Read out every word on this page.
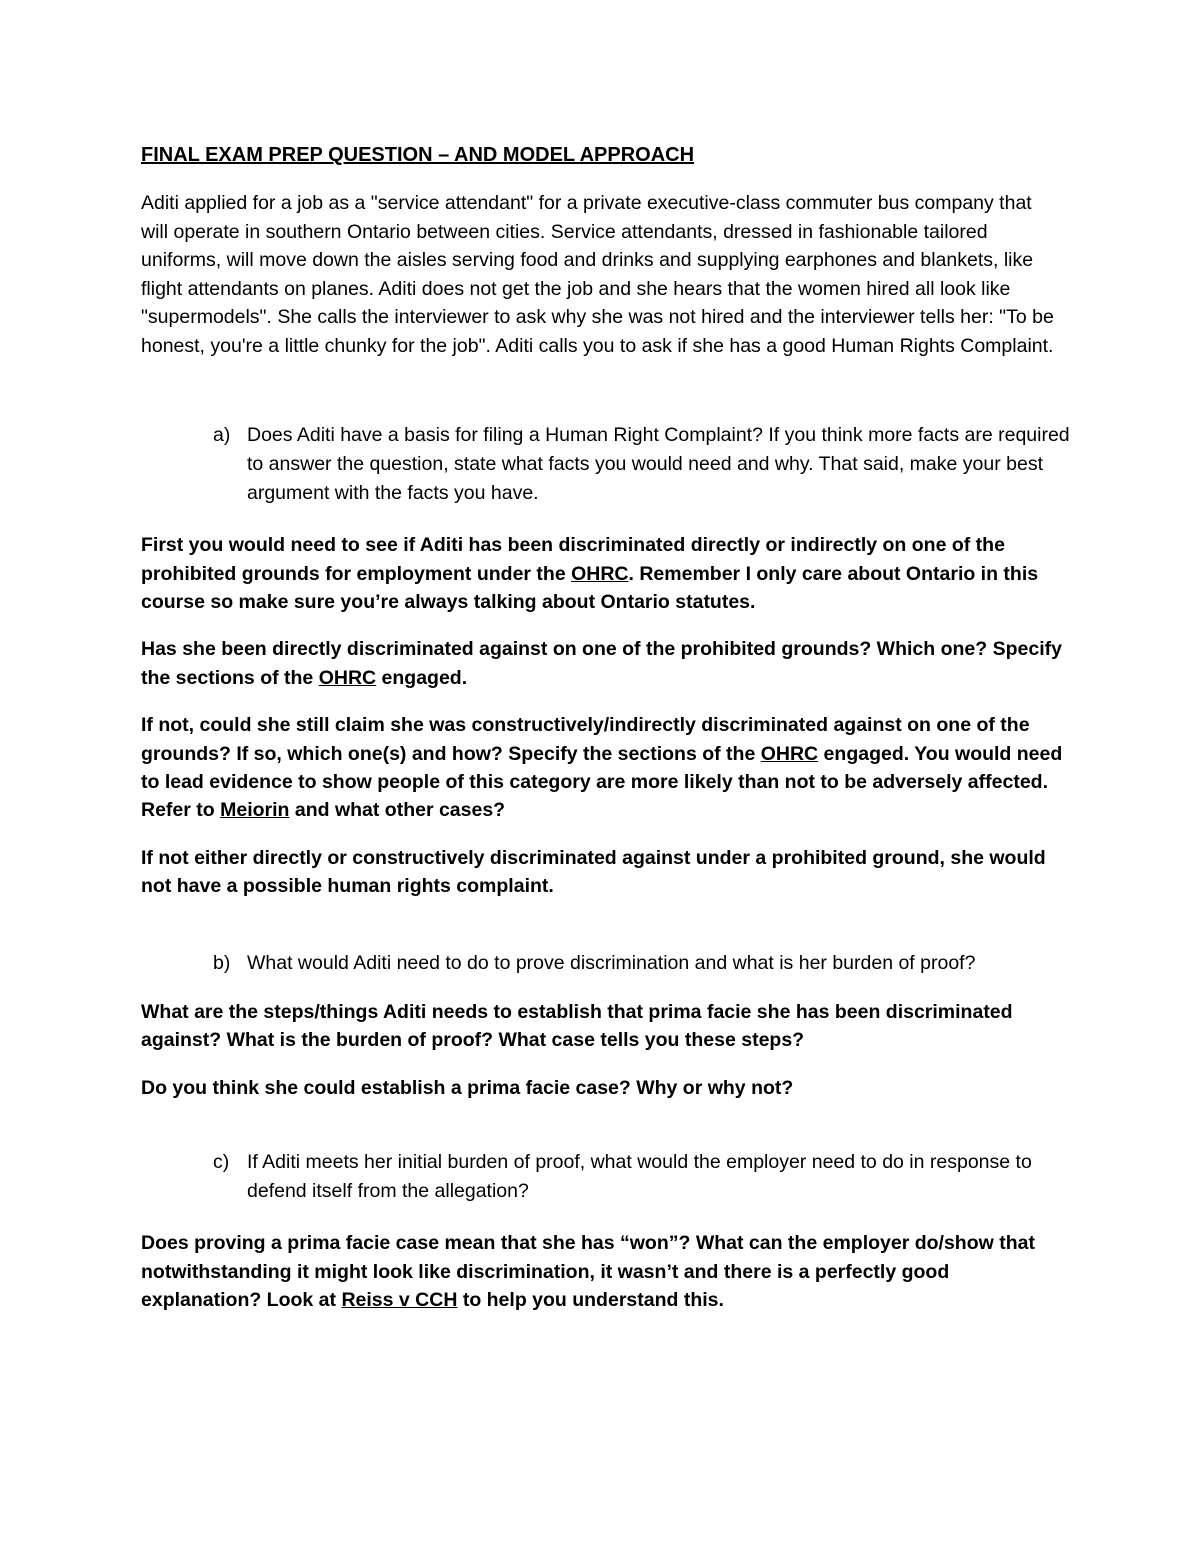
FINAL EXAM PREP QUESTION – AND MODEL APPROACH

Aditi applied for a job as a "service attendant" for a private executive-class commuter bus company that will operate in southern Ontario between cities. Service attendants, dressed in fashionable tailored uniforms, will move down the aisles serving food and drinks and supplying earphones and blankets, like flight attendants on planes. Aditi does not get the job and she hears that the women hired all look like "supermodels". She calls the interviewer to ask why she was not hired and the interviewer tells her: "To be honest, you're a little chunky for the job". Aditi calls you to ask if she has a good Human Rights Complaint.

a) Does Aditi have a basis for filing a Human Right Complaint? If you think more facts are required to answer the question, state what facts you would need and why. That said, make your best argument with the facts you have.

First you would need to see if Aditi has been discriminated directly or indirectly on one of the prohibited grounds for employment under the OHRC. Remember I only care about Ontario in this course so make sure you’re always talking about Ontario statutes.

Has she been directly discriminated against on one of the prohibited grounds? Which one? Specify the sections of the OHRC engaged.

If not, could she still claim she was constructively/indirectly discriminated against on one of the grounds? If so, which one(s) and how? Specify the sections of the OHRC engaged. You would need to lead evidence to show people of this category are more likely than not to be adversely affected. Refer to Meiorin and what other cases?

If not either directly or constructively discriminated against under a prohibited ground, she would not have a possible human rights complaint.

b) What would Aditi need to do to prove discrimination and what is her burden of proof?

What are the steps/things Aditi needs to establish that prima facie she has been discriminated against? What is the burden of proof? What case tells you these steps?

Do you think she could establish a prima facie case? Why or why not?

c) If Aditi meets her initial burden of proof, what would the employer need to do in response to defend itself from the allegation?

Does proving a prima facie case mean that she has “won”? What can the employer do/show that notwithstanding it might look like discrimination, it wasn’t and there is a perfectly good explanation? Look at Reiss v CCH to help you understand this.
